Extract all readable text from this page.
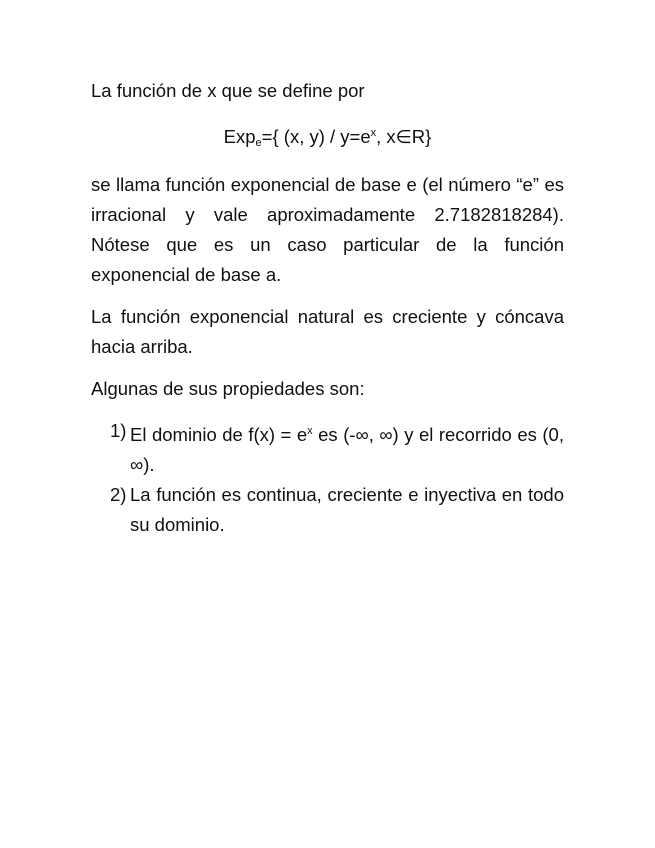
La función de x que se define por

Exp$_e$={ (x, $y) / y=e^x$, x∈R}

se llama función exponencial de base e (el número “e” es irracional y vale aproximadamente 2.7182818284). Nótese que es un caso particular de la función exponencial de base a.

La función exponencial natural es creciente y cóncava hacia arriba.

Algunas de sus propiedades son:

1) El dominio de $f(x) = e^x$ es (-∞, ∞) y el recorrido es (0, ∞).
2) La función es continua, creciente e inyectiva en todo su dominio.
